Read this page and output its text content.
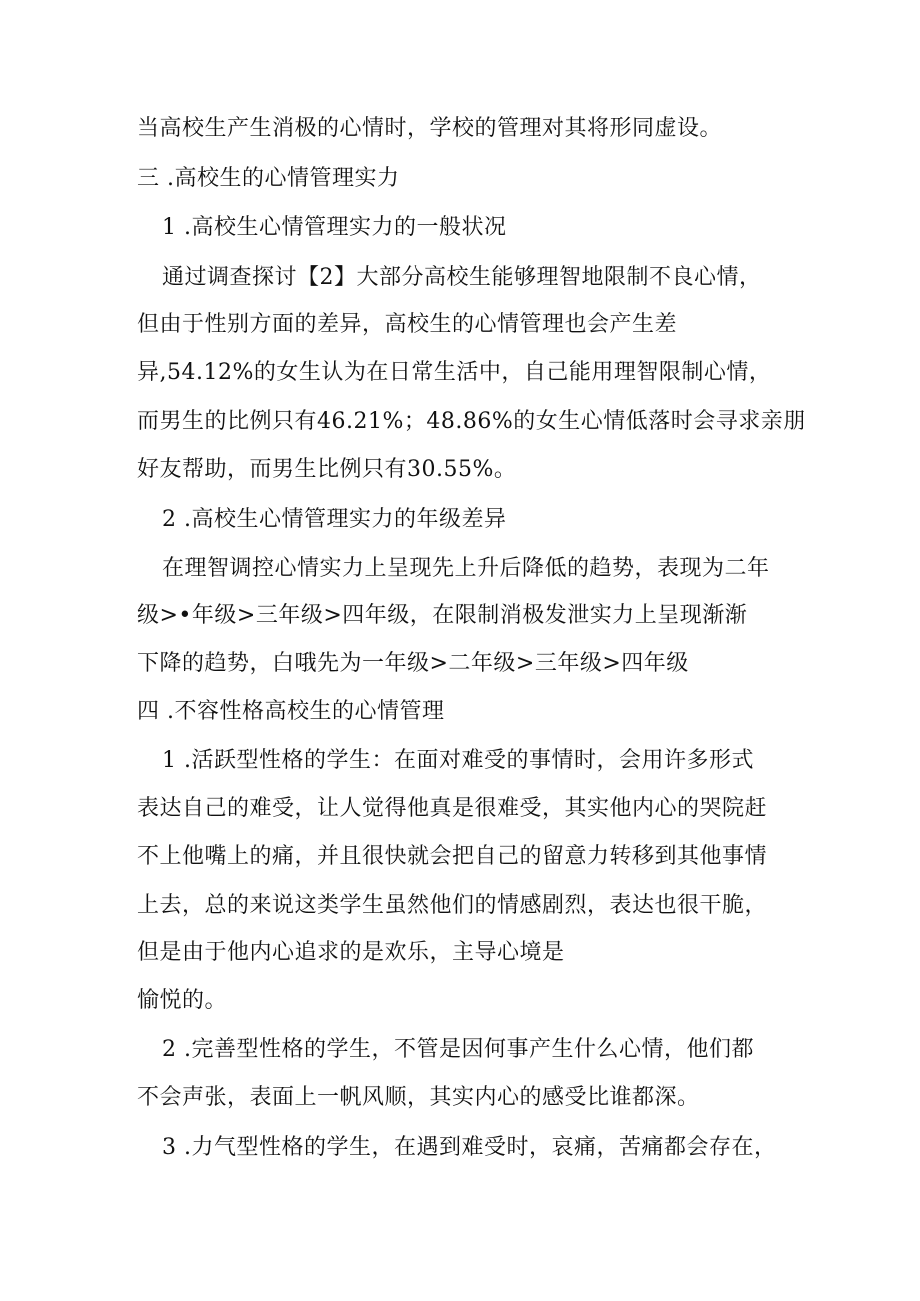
当高校生产生消极的心情时，学校的管理对其将形同虚设。
三 .高校生的心情管理实力
1 .高校生心情管理实力的一般状况
通过调查探讨【2】大部分高校生能够理智地限制不良心情，
但由于性别方面的差异，高校生的心情管理也会产生差
异,54.12%的女生认为在日常生活中，自己能用理智限制心情，
而男生的比例只有46.21%；48.86%的女生心情低落时会寻求亲朋
好友帮助，而男生比例只有30.55%。
2 .高校生心情管理实力的年级差异
在理智调控心情实力上呈现先上升后降低的趋势，表现为二年
级>•年级>三年级>四年级，在限制消极发泄实力上呈现渐渐
下降的趋势，白哦先为一年级>二年级>三年级>四年级
四 .不容性格高校生的心情管理
1 .活跃型性格的学生：在面对难受的事情时，会用许多形式
表达自己的难受，让人觉得他真是很难受，其实他内心的哭院赶
不上他嘴上的痛，并且很快就会把自己的留意力转移到其他事情
上去，总的来说这类学生虽然他们的情感剧烈，表达也很干脆，
但是由于他内心追求的是欢乐，主导心境是
愉悦的。
2 .完善型性格的学生，不管是因何事产生什么心情，他们都
不会声张，表面上一帆风顺，其实内心的感受比谁都深。
3 .力气型性格的学生，在遇到难受时，哀痛，苦痛都会存在，
